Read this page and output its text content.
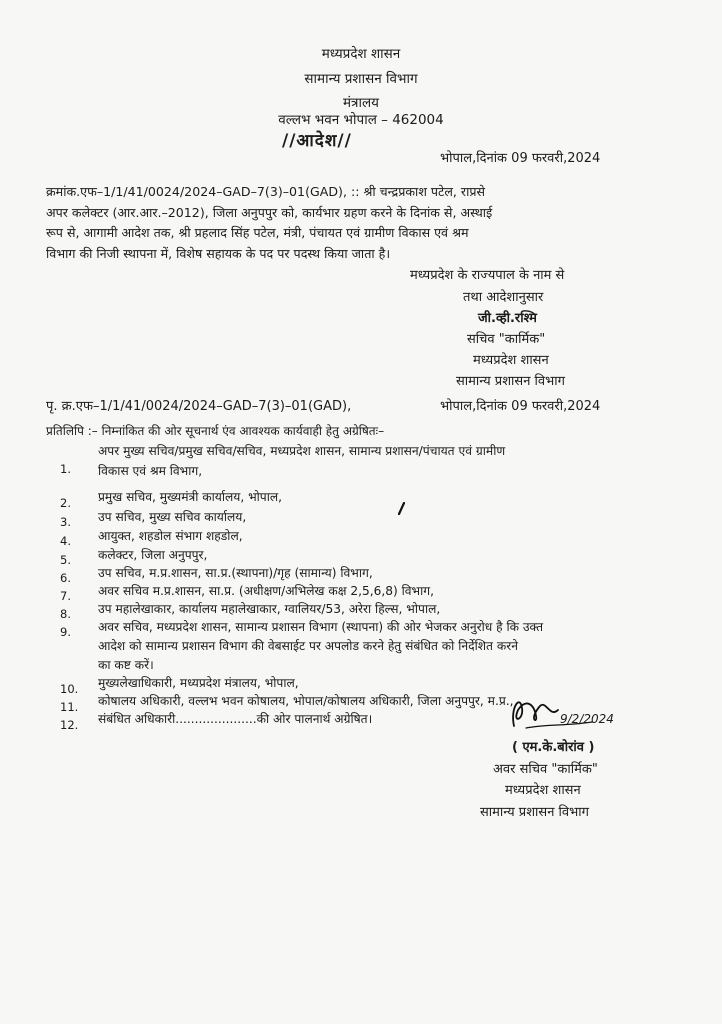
मध्यप्रदेश शासन
सामान्य प्रशासन विभाग
मंत्रालय
वल्लभ भवन भोपाल – 462004
//आदेश//
भोपाल,दिनांक 09 फरवरी,2024
क्रमांक.एफ–1/1/41/0024/2024–GAD–7(3)–01(GAD), :: श्री चन्द्रप्रकाश पटेल, राप्रसे
अपर कलेक्टर (आर.आर.–2012), जिला अनुपपुर को, कार्यभार ग्रहण करने के दिनांक से, अस्थाई
रूप से, आगामी आदेश तक, श्री प्रहलाद सिंह पटेल, मंत्री, पंचायत एवं ग्रामीण विकास एवं श्रम
विभाग की निजी स्थापना में, विशेष सहायक के पद पर पदस्थ किया जाता है।
मध्यप्रदेश के राज्यपाल के नाम से
तथा आदेशानुसार
जी.व्ही.रश्मि
सचिव "कार्मिक"
मध्यप्रदेश शासन
सामान्य प्रशासन विभाग
पृ. क्र.एफ–1/1/41/0024/2024–GAD–7(3)–01(GAD),	भोपाल,दिनांक 09 फरवरी,2024
प्रतिलिपि :– निम्नांकित की ओर सूचनार्थ एंव आवश्यक कार्यवाही हेतु अग्रेषितः–
1.
अपर मुख्य सचिव/प्रमुख सचिव/सचिव, मध्यप्रदेश शासन, सामान्य प्रशासन/पंचायत एवं ग्रामीण
विकास एवं श्रम विभाग,
2. प्रमुख सचिव, मुख्यमंत्री कार्यालय, भोपाल,
3. उप सचिव, मुख्य सचिव कार्यालय,
4. आयुक्त, शहडोल संभाग शहडोल,
5. कलेक्टर, जिला अनुपपुर,
6. उप सचिव, म.प्र.शासन, सा.प्र.(स्थापना)/गृह (सामान्य) विभाग,
7. अवर सचिव म.प्र.शासन, सा.प्र. (अधीक्षण/अभिलेख कक्ष 2,5,6,8) विभाग,
8. उप महालेखाकार, कार्यालय महालेखाकार, ग्वालियर/53, अरेरा हिल्स, भोपाल,
9. अवर सचिव, मध्यप्रदेश शासन, सामान्य प्रशासन विभाग (स्थापना) की ओर भेजकर अनुरोध है कि उक्त
आदेश को सामान्य प्रशासन विभाग की वेबसाईट पर अपलोड करने हेतु संबंधित को निर्देशित करने
का कष्ट करें।
10. मुख्यलेखाधिकारी, मध्यप्रदेश मंत्रालय, भोपाल,
11. कोषालय अधिकारी, वल्लभ भवन कोषालय, भोपाल/कोषालय अधिकारी, जिला अनुपपुर, म.प्र.,
12. संबंधित अधिकारी.....................की ओर पालनार्थ अग्रेषित।	9/2/2024
( एम.के.बोरांव )
अवर सचिव "कार्मिक"
मध्यप्रदेश शासन
सामान्य प्रशासन विभाग
